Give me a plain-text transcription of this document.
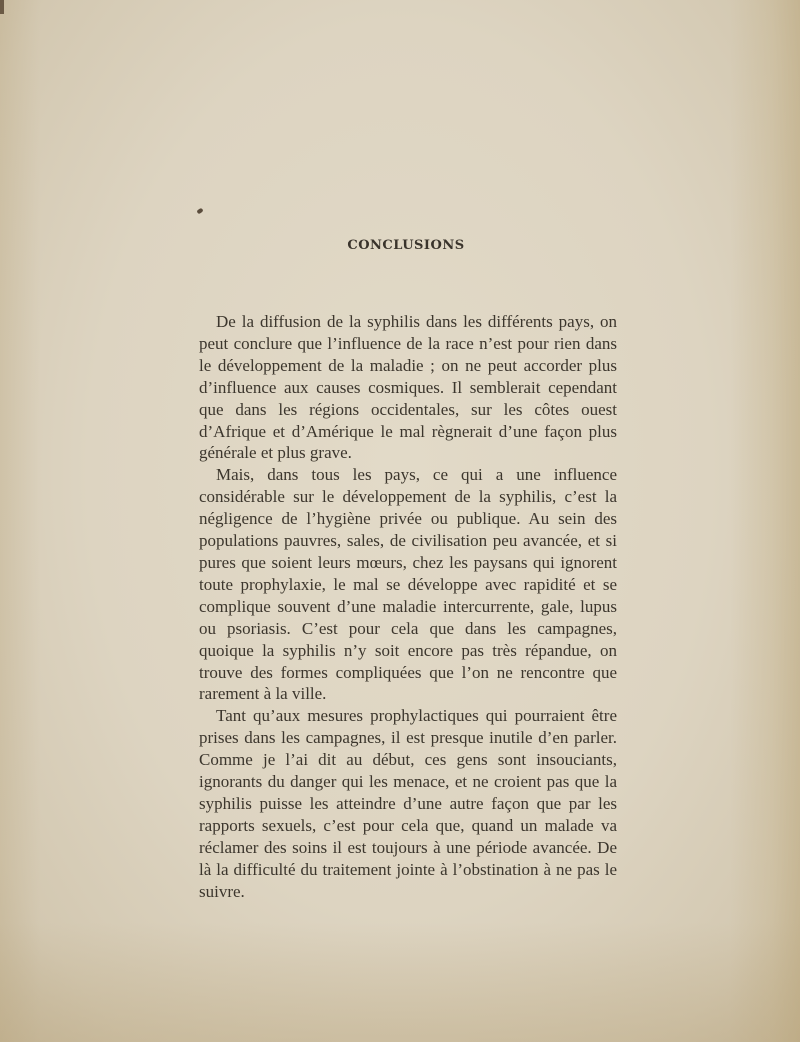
CONCLUSIONS

De la diffusion de la syphilis dans les différents pays, on peut conclure que l’influence de la race n’est pour rien dans le développement de la maladie ; on ne peut accorder plus d’influence aux causes cosmiques. Il semblerait cependant que dans les régions occidentales, sur les côtes ouest d’Afrique et d’Amérique le mal règnerait d’une façon plus générale et plus grave.

Mais, dans tous les pays, ce qui a une influence considérable sur le développement de la syphilis, c’est la négligence de l’hygiène privée ou publique. Au sein des populations pauvres, sales, de civilisation peu avancée, et si pures que soient leurs mœurs, chez les paysans qui ignorent toute prophylaxie, le mal se développe avec rapidité et se complique souvent d’une maladie intercurrente, gale, lupus ou psoriasis. C’est pour cela que dans les campagnes, quoique la syphilis n’y soit encore pas très répandue, on trouve des formes compliquées que l’on ne rencontre que rarement à la ville.

Tant qu’aux mesures prophylactiques qui pourraient être prises dans les campagnes, il est presque inutile d’en parler. Comme je l’ai dit au début, ces gens sont insouciants, ignorants du danger qui les menace, et ne croient pas que la syphilis puisse les atteindre d’une autre façon que par les rapports sexuels, c’est pour cela que, quand un malade va réclamer des soins il est toujours à une période avancée. De là la difficulté du traitement jointe à l’obstination à ne pas le suivre.
